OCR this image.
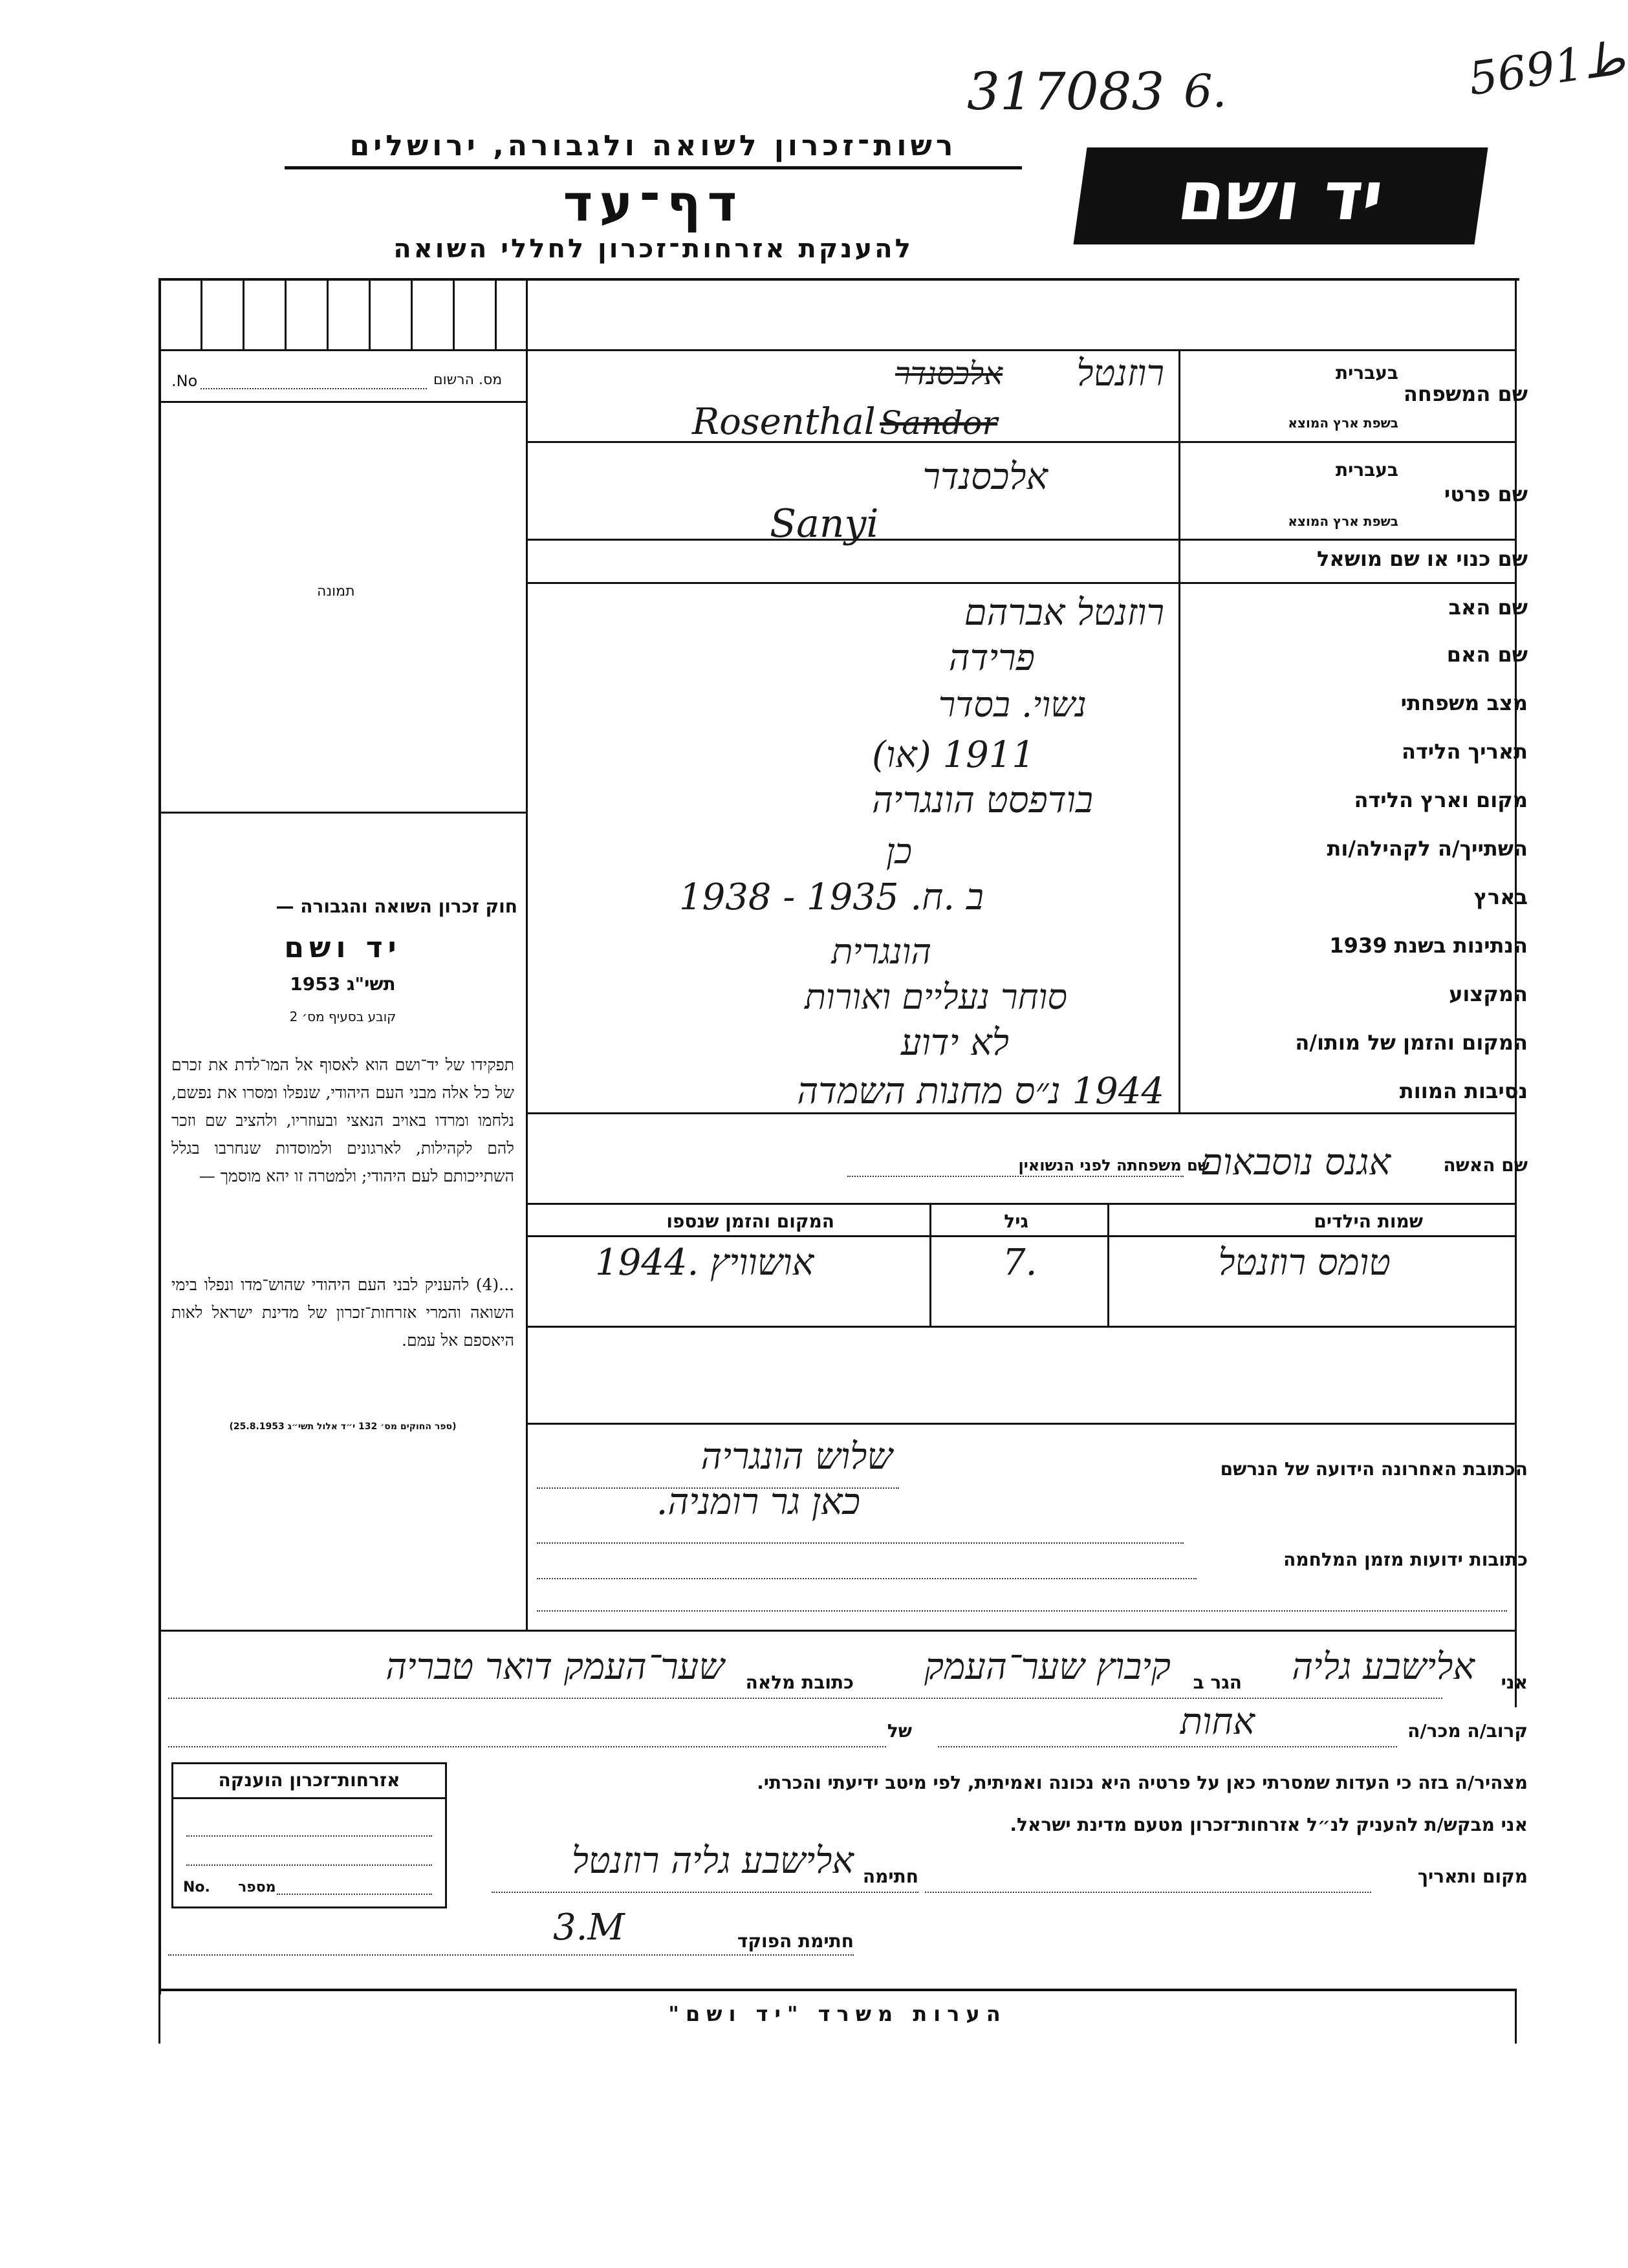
317083 6.	5691ط
רשות־זכרון לשואה ולגבורה, ירושלים
דף־עד
להענקת אזרחות־זכרון לחללי השואה
יד ושם
No.	מס. הרשום
תמונה
חוק זכרון השואה והגבורה —
יד ושם
תשי"ג 1953
קובע בסעיף מס׳ 2
תפקידו של יד־ושם הוא לאסוף אל המו־לדת את זכרם של כל אלה מבני העם היהודי, שנפלו ומסרו את נפשם, נלחמו ומרדו באויב הנאצי ובעוזריו, ולהציב שם וזכר להם לקהילות, לארגונים ולמוסדות שנחרבו בגלל השתייכותם לעם היהודי; ולמטרה זו יהא מוסמך —
...(4) להעניק לבני העם היהודי שהוש־מדו ונפלו בימי השואה והמרי אזרחות־זכרון של מדינת ישראל לאות היאספם אל עמם.
(ספר החוקים מס׳ 132 י״ד אלול תשי״ג 25.8.1953)
שם המשפחה
בעברית
בשפת ארץ המוצא
רוזנטל
אלכסנדר
Rosenthal Sandor
שם פרטי
בעברית
בשפת ארץ המוצא
אלכסנדר
Sanyi
שם כנוי או שם מושאל
שם האב
רוזנטל אברהם
שם האם
פרידה
מצב משפחתי
נשוי. בסדר
תאריך הלידה
1911 (או)
מקום וארץ הלידה
בודפסט הונגריה
השתייך/ה לקהילה/ות
כן
בארץ
1938 - 1935 .ב .ח
הנתינות בשנת 1939
הונגרית
המקצוע
סוחר נעליים ואורות
המקום והזמן של מותו/ה
לא ידוע
נסיבות המוות
1944 נ״ס מחנות השמדה
שם האשה
שם משפחתה לפני הנשואין
אגנס נוסבאום
שמות הילדים
גיל
המקום והזמן שנספו
טומס רוזנטל
7.
1944. אושוויץ
הכתובת האחרונה הידועה של הנרשם
שלוש הונגריה
כאן גר רומניה.
כתובות ידועות מזמן המלחמה
אני
אלישבע גליה
הגר ב
קיבוץ שער־העמק
כתובת מלאה
שער־העמק דואר טבריה
קרוב/ה מכר/ה
אחות
של
מצהיר/ה בזה כי העדות שמסרתי כאן על פרטיה היא נכונה ואמיתית, לפי מיטב ידיעתי והכרתי.
אני מבקש/ת להעניק לנ״ל אזרחות־זכרון מטעם מדינת ישראל.
מקום ותאריך
חתימה
אלישבע גליה רוזנטל
חתימת הפוקד
3.M
אזרחות־זכרון הוענקה
No. מספר
הערות משרד "יד ושם"
